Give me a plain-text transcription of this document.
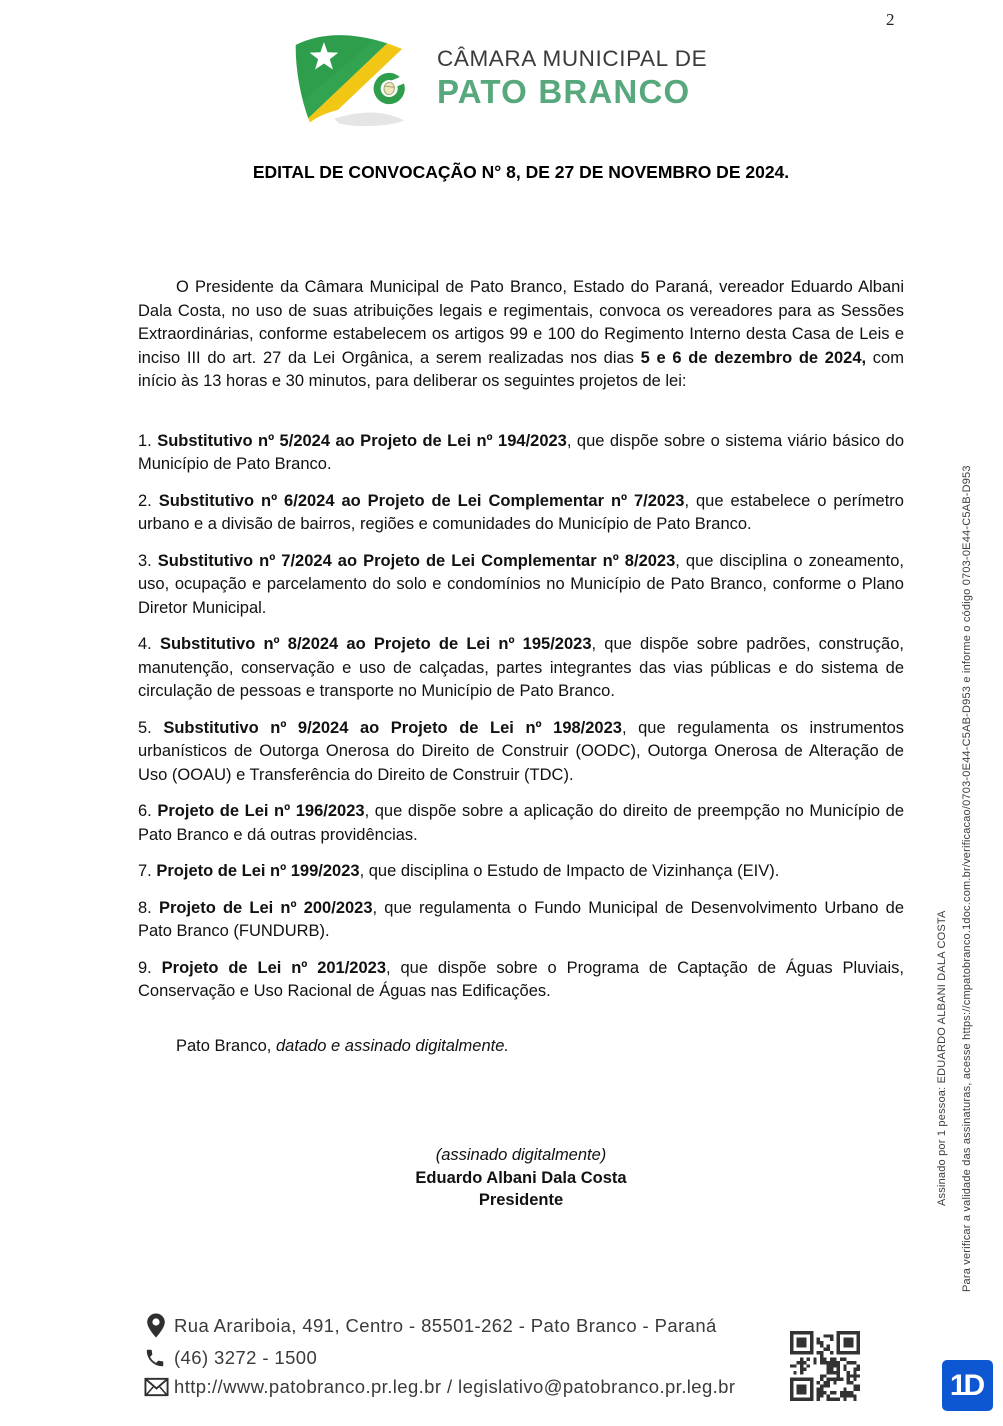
2
CÂMARA MUNICIPAL DE
PATO BRANCO
EDITAL DE CONVOCAÇÃO N° 8, DE 27 DE NOVEMBRO DE 2024.

O Presidente da Câmara Municipal de Pato Branco, Estado do Paraná, vereador Eduardo Albani Dala Costa, no uso de suas atribuições legais e regimentais, convoca os vereadores para as Sessões Extraordinárias, conforme estabelecem os artigos 99 e 100 do Regimento Interno desta Casa de Leis e inciso III do art. 27 da Lei Orgânica, a serem realizadas nos dias 5 e 6 de dezembro de 2024, com início às 13 horas e 30 minutos, para deliberar os seguintes projetos de lei:

1. Substitutivo nº 5/2024 ao Projeto de Lei nº 194/2023, que dispõe sobre o sistema viário básico do Município de Pato Branco.

2. Substitutivo nº 6/2024 ao Projeto de Lei Complementar nº 7/2023, que estabelece o perímetro urbano e a divisão de bairros, regiões e comunidades do Município de Pato Branco.

3. Substitutivo nº 7/2024 ao Projeto de Lei Complementar nº 8/2023, que disciplina o zoneamento, uso, ocupação e parcelamento do solo e condomínios no Município de Pato Branco, conforme o Plano Diretor Municipal.

4. Substitutivo nº 8/2024 ao Projeto de Lei nº 195/2023, que dispõe sobre padrões, construção, manutenção, conservação e uso de calçadas, partes integrantes das vias públicas e do sistema de circulação de pessoas e transporte no Município de Pato Branco.

5. Substitutivo nº 9/2024 ao Projeto de Lei nº 198/2023, que regulamenta os instrumentos urbanísticos de Outorga Onerosa do Direito de Construir (OODC), Outorga Onerosa de Alteração de Uso (OOAU) e Transferência do Direito de Construir (TDC).

6. Projeto de Lei nº 196/2023, que dispõe sobre a aplicação do direito de preempção no Município de Pato Branco e dá outras providências.

7. Projeto de Lei nº 199/2023, que disciplina o Estudo de Impacto de Vizinhança (EIV).

8. Projeto de Lei nº 200/2023, que regulamenta o Fundo Municipal de Desenvolvimento Urbano de Pato Branco (FUNDURB).

9. Projeto de Lei nº 201/2023, que dispõe sobre o Programa de Captação de Águas Pluviais, Conservação e Uso Racional de Águas nas Edificações.

Pato Branco, datado e assinado digitalmente.

(assinado digitalmente)
Eduardo Albani Dala Costa
Presidente
Rua Arariboia, 491, Centro - 85501-262 - Pato Branco - Paraná
(46) 3272 - 1500
http://www.patobranco.pr.leg.br / legislativo@patobranco.pr.leg.br
Assinado por 1 pessoa: EDUARDO ALBANI DALA COSTA Para verificar a validade das assinaturas, acesse https://cmpatobranco.1doc.com.br/verificacao/0703-0E44-C5AB-D953 e informe o código 0703-0E44-C5AB-D953
1D
